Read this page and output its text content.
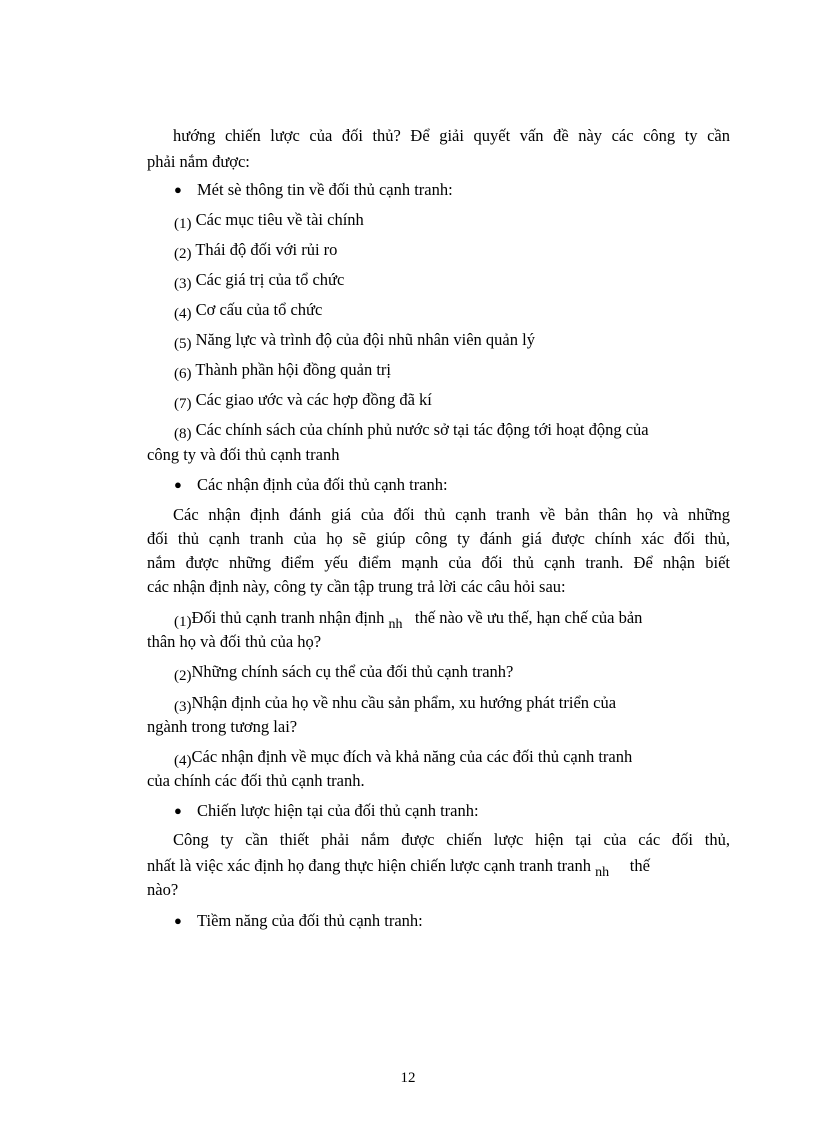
hướng chiến lược của đối thủ? Để giải quyết vấn đề này các công ty cần
phải nắm được:
● Mét sè thông tin về đối thủ cạnh tranh:
(1) Các mục tiêu về tài chính
(2) Thái độ đối với rủi ro
(3) Các giá trị của tổ chức
(4) Cơ cấu của tổ chức
(5) Năng lực và trình độ của đội nhũ nhân viên quản lý
(6) Thành phần hội đồng quản trị
(7) Các giao ước và các hợp đồng đã kí
(8) Các chính sách của chính phủ nước sở tại tác động tới hoạt động của
công ty và đối thủ cạnh tranh
● Các nhận định của đối thủ cạnh tranh:
Các nhận định đánh giá của đối thủ cạnh tranh về bản thân họ và những
đối thủ cạnh tranh của họ sẽ giúp công ty đánh giá được chính xác đối thủ,
nắm được những điểm yếu điểm mạnh của đối thủ cạnh tranh. Để nhận biết
các nhận định này, công ty cần tập trung trả lời các câu hỏi sau:
(1)Đối thủ cạnh tranh nhận định $_{nh}$ thế nào về ưu thế, hạn chế của bản
thân họ và đối thủ của họ?
(2)Những chính sách cụ thể của đối thủ cạnh tranh?
(3)Nhận định của họ về nhu cầu sản phẩm, xu hướng phát triển của
ngành trong tương lai?
(4)Các nhận định về mục đích và khả năng của các đối thủ cạnh tranh
của chính các đối thủ cạnh tranh.
● Chiến lược hiện tại của đối thủ cạnh tranh:
Công ty cần thiết phải nắm được chiến lược hiện tại của các đối thủ,
nhất là việc xác định họ đang thực hiện chiến lược cạnh tranh tranh $_{nh}$ thế
nào?
● Tiềm năng của đối thủ cạnh tranh:
12
